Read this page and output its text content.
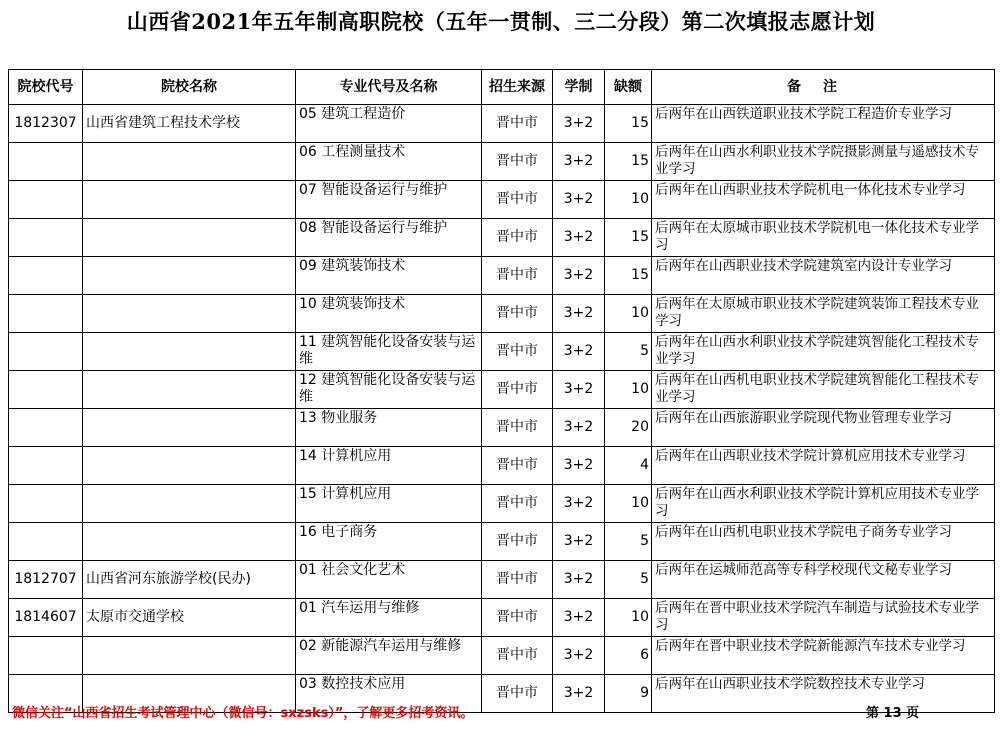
山西省2021年五年制高职院校（五年一贯制、三二分段）第二次填报志愿计划
院校代号	院校名称	专业代号及名称	招生来源	学制	缺额	备注
1812307	山西省建筑工程技术学校	05 建筑工程造价	晋中市	3+2	15	后两年在山西铁道职业技术学院工程造价专业学习
		06 工程测量技术	晋中市	3+2	15	后两年在山西水利职业技术学院摄影测量与遥感技术专业学习
		07 智能设备运行与维护	晋中市	3+2	10	后两年在山西职业技术学院机电一体化技术专业学习
		08 智能设备运行与维护	晋中市	3+2	15	后两年在太原城市职业技术学院机电一体化技术专业学习
		09 建筑装饰技术	晋中市	3+2	15	后两年在山西职业技术学院建筑室内设计专业学习
		10 建筑装饰技术	晋中市	3+2	10	后两年在太原城市职业技术学院建筑装饰工程技术专业学习
		11 建筑智能化设备安装与运维	晋中市	3+2	5	后两年在山西水利职业技术学院建筑智能化工程技术专业学习
		12 建筑智能化设备安装与运维	晋中市	3+2	10	后两年在山西机电职业技术学院建筑智能化工程技术专业学习
		13 物业服务	晋中市	3+2	20	后两年在山西旅游职业学院现代物业管理专业学习
		14 计算机应用	晋中市	3+2	4	后两年在山西职业技术学院计算机应用技术专业学习
		15 计算机应用	晋中市	3+2	10	后两年在山西水利职业技术学院计算机应用技术专业学习
		16 电子商务	晋中市	3+2	5	后两年在山西机电职业技术学院电子商务专业学习
1812707	山西省河东旅游学校(民办)	01 社会文化艺术	晋中市	3+2	5	后两年在运城师范高等专科学校现代文秘专业学习
1814607	太原市交通学校	01 汽车运用与维修	晋中市	3+2	10	后两年在晋中职业技术学院汽车制造与试验技术专业学习
		02 新能源汽车运用与维修	晋中市	3+2	6	后两年在晋中职业技术学院新能源汽车技术专业学习
		03 数控技术应用	晋中市	3+2	9	后两年在山西职业技术学院数控技术专业学习
微信关注“山西省招生考试管理中心（微信号：sxzsks）”，了解更多招考资讯。	第 13 页
